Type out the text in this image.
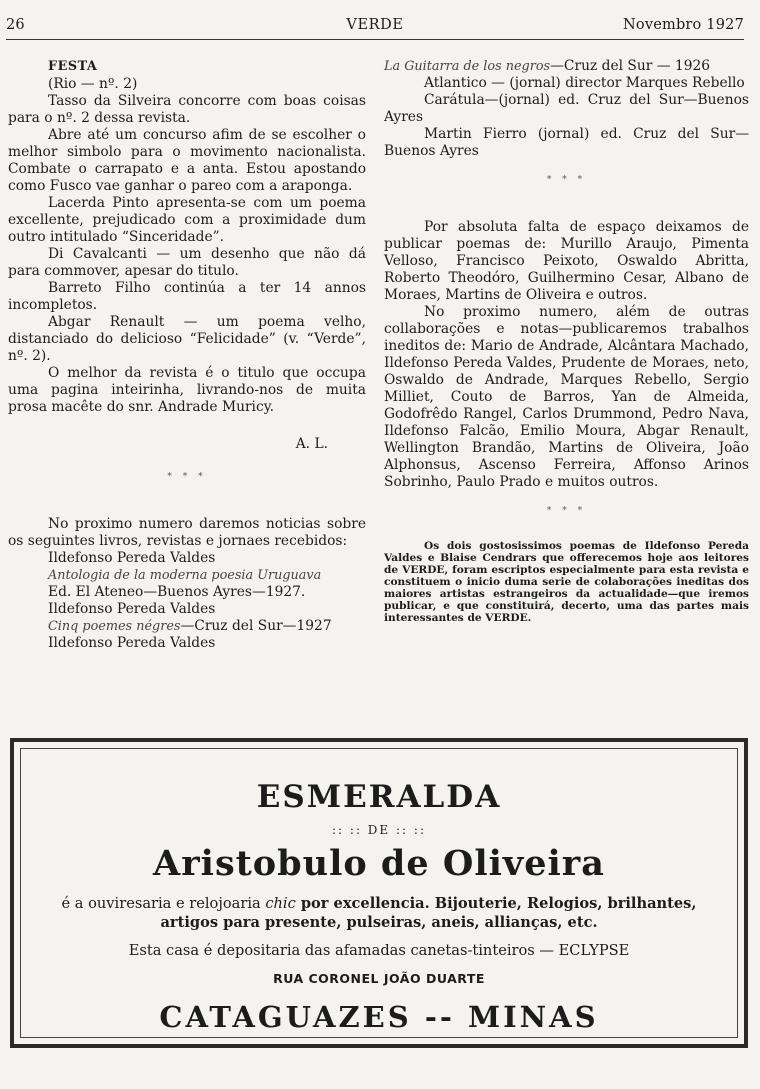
26	VERDE	Novembro 1927
FESTA

(Rio — nº. 2)

Tasso da Silveira concorre com boas coisas para o nº. 2 dessa revista.

Abre até um concurso afim de se escolher o melhor simbolo para o movimento nacionalista. Combate o carrapato e a anta. Estou apostando como Fusco vae ganhar o pareo com a araponga.

Lacerda Pinto apresenta-se com um poema excellente, prejudicado com a proximidade dum outro intitulado “Sinceridade”.

Di Cavalcanti — um desenho que não dá para commover, apesar do titulo.

Barreto Filho continúa a ter 14 annos incompletos.

Abgar Renault — um poema velho, distanciado do delicioso “Felicidade” (v. “Verde”, nº. 2).

O melhor da revista é o titulo que occupa uma pagina inteirinha, livrando-nos de muita prosa macête do snr. Andrade Muricy.

A. L.
* * *

No proximo numero daremos noticias sobre os seguintes livros, revistas e jornaes recebidos:

Ildefonso Pereda Valdes

Antologia de la moderna poesia Uruguava

Ed. El Ateneo—Buenos Ayres—1927.

Ildefonso Pereda Valdes

Cinq poemes négres—Cruz del Sur—1927

Ildefonso Pereda Valdes

La Guitarra de los negros—Cruz del Sur — 1926

Atlantico — (jornal) director Marques Rebello

Carátula—(jornal) ed. Cruz del Sur—Buenos Ayres

Martin Fierro (jornal) ed. Cruz del Sur—Buenos Ayres

* * *

Por absoluta falta de espaço deixamos de publicar poemas de: Murillo Araujo, Pimenta Velloso, Francisco Peixoto, Oswaldo Abritta, Roberto Theodóro, Guilhermino Cesar, Albano de Moraes, Martins de Oliveira e outros.

No proximo numero, além de outras collaborações e notas—publicaremos trabalhos ineditos de: Mario de Andrade, Alcântara Machado, Ildefonso Pereda Valdes, Prudente de Moraes, neto, Oswaldo de Andrade, Marques Rebello, Sergio Milliet, Couto de Barros, Yan de Almeida, Godofrêdo Rangel, Carlos Drummond, Pedro Nava, Ildefonso Falcão, Emilio Moura, Abgar Renault, Wellington Brandão, Martins de Oliveira, João Alphonsus, Ascenso Ferreira, Affonso Arinos Sobrinho, Paulo Prado e muitos outros.

* * *

Os dois gostosissimos poemas de Ildefonso Pereda Valdes e Blaise Cendrars que offerecemos hoje aos leitores de VERDE, foram escriptos especialmente para esta revista e constituem o inicio duma serie de colaborações ineditas dos maiores artistas estrangeiros da actualidade—que iremos publicar, e que constituirá, decerto, uma das partes mais interessantes de VERDE.

ESMERALDA
:: :: DE :: ::
Aristobulo de Oliveira
é a ouviresaria e relojoaria chic por excellencia. Bijouterie, Relogios, brilhantes, artigos para presente, pulseiras, aneis, allianças, etc.
Esta casa é depositaria das afamadas canetas-tinteiros — ECLYPSE
RUA CORONEL JOÃO DUARTE
CATAGUAZES -- MINAS
